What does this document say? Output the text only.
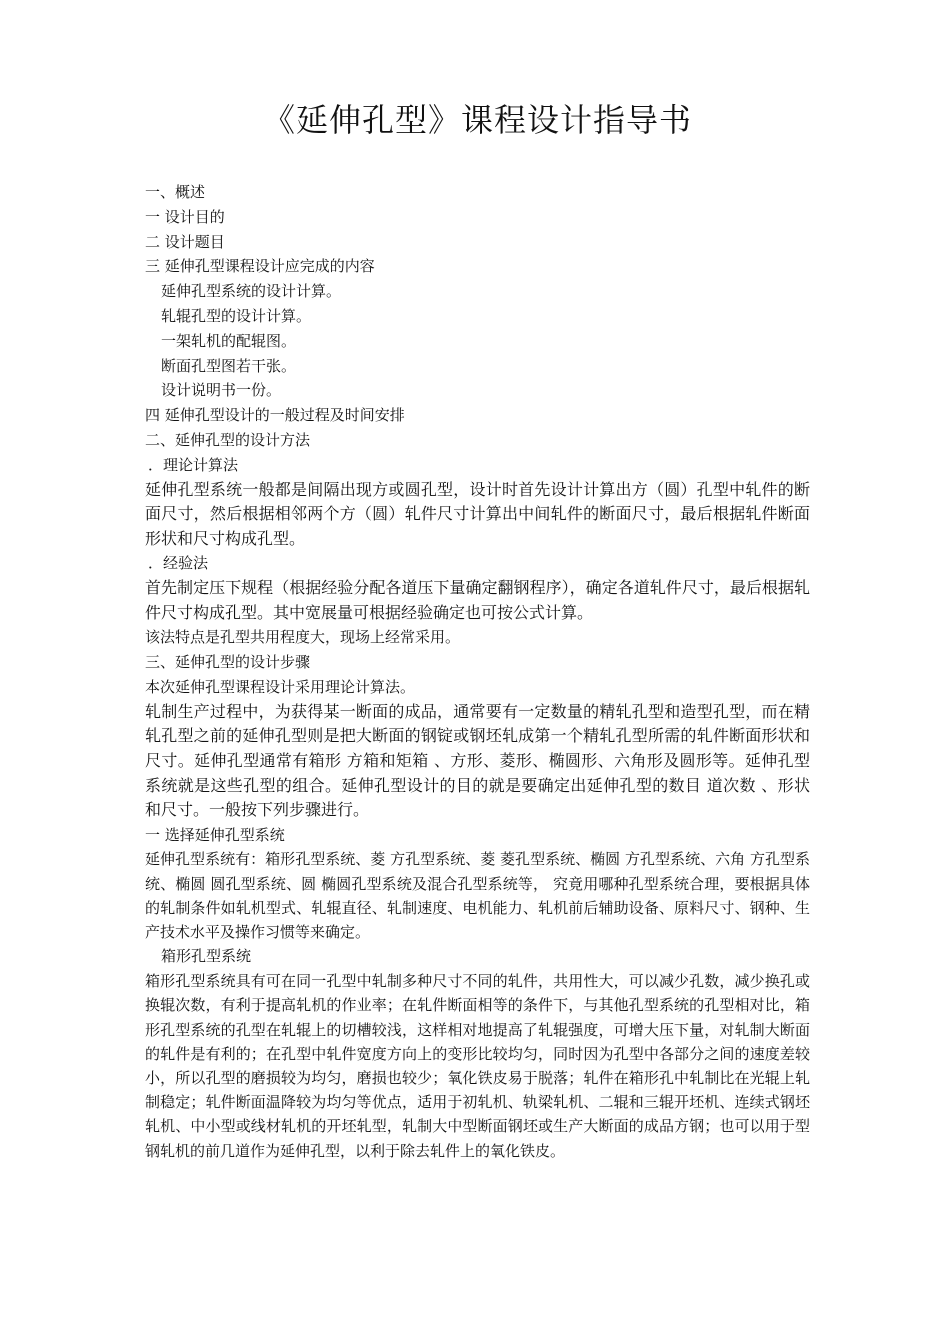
《延伸孔型》课程设计指导书
一、概述
一 设计目的
二 设计题目
三 延伸孔型课程设计应完成的内容
延伸孔型系统的设计计算。
轧辊孔型的设计计算。
一架轧机的配辊图。
断面孔型图若干张。
设计说明书一份。
四 延伸孔型设计的一般过程及时间安排
二、延伸孔型的设计方法
．理论计算法

延伸孔型系统一般都是间隔出现方或圆孔型，设计时首先设计计算出方（圆）孔型中轧件的断面尺寸，然后根据相邻两个方（圆）轧件尺寸计算出中间轧件的断面尺寸，最后根据轧件断面形状和尺寸构成孔型。

．经验法

首先制定压下规程（根据经验分配各道压下量确定翻钢程序），确定各道轧件尺寸，最后根据轧件尺寸构成孔型。其中宽展量可根据经验确定也可按公式计算。

该法特点是孔型共用程度大，现场上经常采用。
三、延伸孔型的设计步骤
本次延伸孔型课程设计采用理论计算法。

轧制生产过程中，为获得某一断面的成品，通常要有一定数量的精轧孔型和造型孔型，而在精轧孔型之前的延伸孔型则是把大断面的钢锭或钢坯轧成第一个精轧孔型所需的轧件断面形状和尺寸。延伸孔型通常有箱形 方箱和矩箱 、方形、菱形、椭圆形、六角形及圆形等。延伸孔型系统就是这些孔型的组合。延伸孔型设计的目的就是要确定出延伸孔型的数目 道次数 、形状和尺寸。一般按下列步骤进行。

一 选择延伸孔型系统

延伸孔型系统有：箱形孔型系统、菱 方孔型系统、菱 菱孔型系统、椭圆 方孔型系统、六角 方孔型系统、椭圆 圆孔型系统、圆 椭圆孔型系统及混合孔型系统等， 究竟用哪种孔型系统合理，要根据具体的轧制条件如轧机型式、轧辊直径、轧制速度、电机能力、轧机前后辅助设备、原料尺寸、钢种、生产技术水平及操作习惯等来确定。

箱形孔型系统

箱形孔型系统具有可在同一孔型中轧制多种尺寸不同的轧件，共用性大，可以减少孔数，减少换孔或换辊次数，有利于提高轧机的作业率；在轧件断面相等的条件下，与其他孔型系统的孔型相对比，箱形孔型系统的孔型在轧辊上的切槽较浅，这样相对地提高了轧辊强度，可增大压下量，对轧制大断面的轧件是有利的；在孔型中轧件宽度方向上的变形比较均匀，同时因为孔型中各部分之间的速度差较小，所以孔型的磨损较为均匀，磨损也较少；氧化铁皮易于脱落；轧件在箱形孔中轧制比在光辊上轧制稳定；轧件断面温降较为均匀等优点，适用于初轧机、轨梁轧机、二辊和三辊开坯机、连续式钢坯轧机、中小型或线材轧机的开坯轧型，轧制大中型断面钢坯或生产大断面的成品方钢；也可以用于型钢轧机的前几道作为延伸孔型，以利于除去轧件上的氧化铁皮。
